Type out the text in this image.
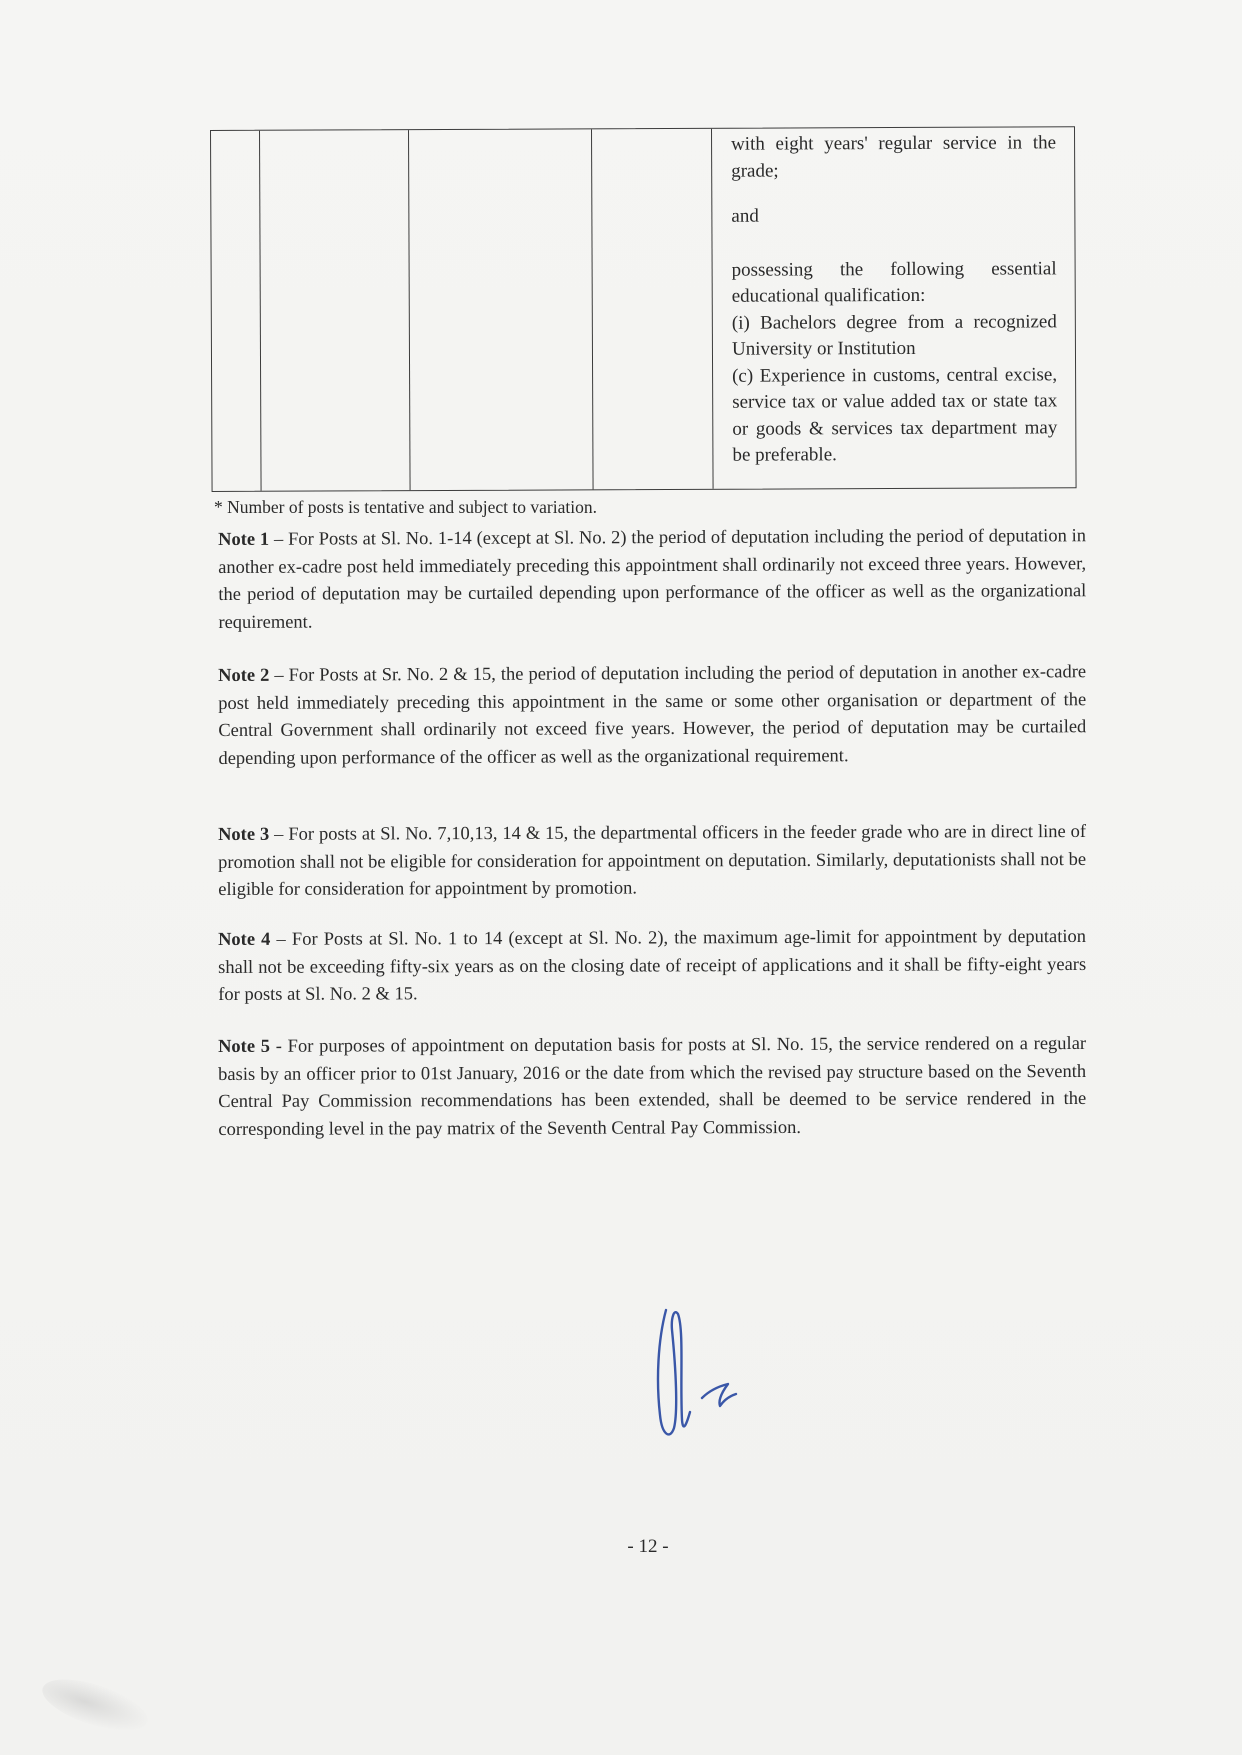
with eight years' regular service in the grade;

and

possessing the following essential educational qualification:

(i) Bachelors degree from a recognized University or Institution

(c) Experience in customs, central excise, service tax or value added tax or state tax or goods & services tax department may be preferable.

* Number of posts is tentative and subject to variation.

Note 1 – For Posts at Sl. No. 1-14 (except at Sl. No. 2) the period of deputation including the period of deputation in another ex-cadre post held immediately preceding this appointment shall ordinarily not exceed three years. However, the period of deputation may be curtailed depending upon performance of the officer as well as the organizational requirement.

Note 2 – For Posts at Sr. No. 2 & 15, the period of deputation including the period of deputation in another ex-cadre post held immediately preceding this appointment in the same or some other organisation or department of the Central Government shall ordinarily not exceed five years. However, the period of deputation may be curtailed depending upon performance of the officer as well as the organizational requirement.

Note 3 – For posts at Sl. No. 7,10,13, 14 & 15, the departmental officers in the feeder grade who are in direct line of promotion shall not be eligible for consideration for appointment on deputation. Similarly, deputationists shall not be eligible for consideration for appointment by promotion.

Note 4 – For Posts at Sl. No. 1 to 14 (except at Sl. No. 2), the maximum age-limit for appointment by deputation shall not be exceeding fifty-six years as on the closing date of receipt of applications and it shall be fifty-eight years for posts at Sl. No. 2 & 15.

Note 5 - For purposes of appointment on deputation basis for posts at Sl. No. 15, the service rendered on a regular basis by an officer prior to 01st January, 2016 or the date from which the revised pay structure based on the Seventh Central Pay Commission recommendations has been extended, shall be deemed to be service rendered in the corresponding level in the pay matrix of the Seventh Central Pay Commission.

- 12 -
